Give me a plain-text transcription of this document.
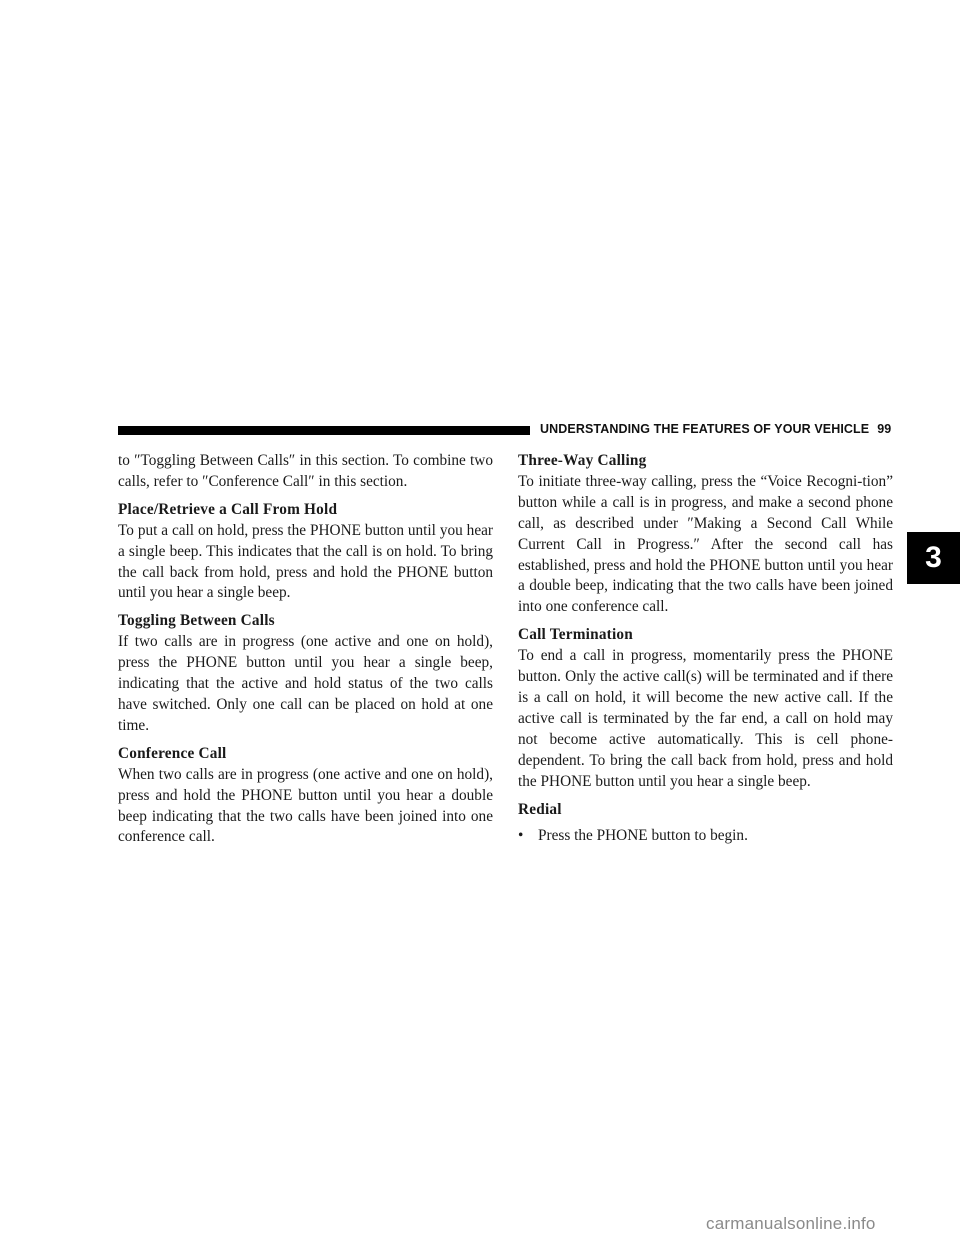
UNDERSTANDING THE FEATURES OF YOUR VEHICLE 99

to ″Toggling Between Calls″ in this section. To combine two calls, refer to ″Conference Call″ in this section.

Place/Retrieve a Call From Hold

To put a call on hold, press the PHONE button until you hear a single beep. This indicates that the call is on hold. To bring the call back from hold, press and hold the PHONE button until you hear a single beep.

Toggling Between Calls

If two calls are in progress (one active and one on hold), press the PHONE button until you hear a single beep, indicating that the active and hold status of the two calls have switched. Only one call can be placed on hold at one time.

Conference Call

When two calls are in progress (one active and one on hold), press and hold the PHONE button until you hear a double beep indicating that the two calls have been joined into one conference call.

Three-Way Calling

To initiate three-way calling, press the “Voice Recogni-tion” button while a call is in progress, and make a second phone call, as described under ″Making a Second Call While Current Call in Progress.″ After the second call has established, press and hold the PHONE button until you hear a double beep, indicating that the two calls have been joined into one conference call.

Call Termination

To end a call in progress, momentarily press the PHONE button. Only the active call(s) will be terminated and if there is a call on hold, it will become the new active call. If the active call is terminated by the far end, a call on hold may not become active automatically. This is cell phone-dependent. To bring the call back from hold, press and hold the PHONE button until you hear a single beep.

Redial
• Press the PHONE button to begin.
3
carmanualsonline.info
